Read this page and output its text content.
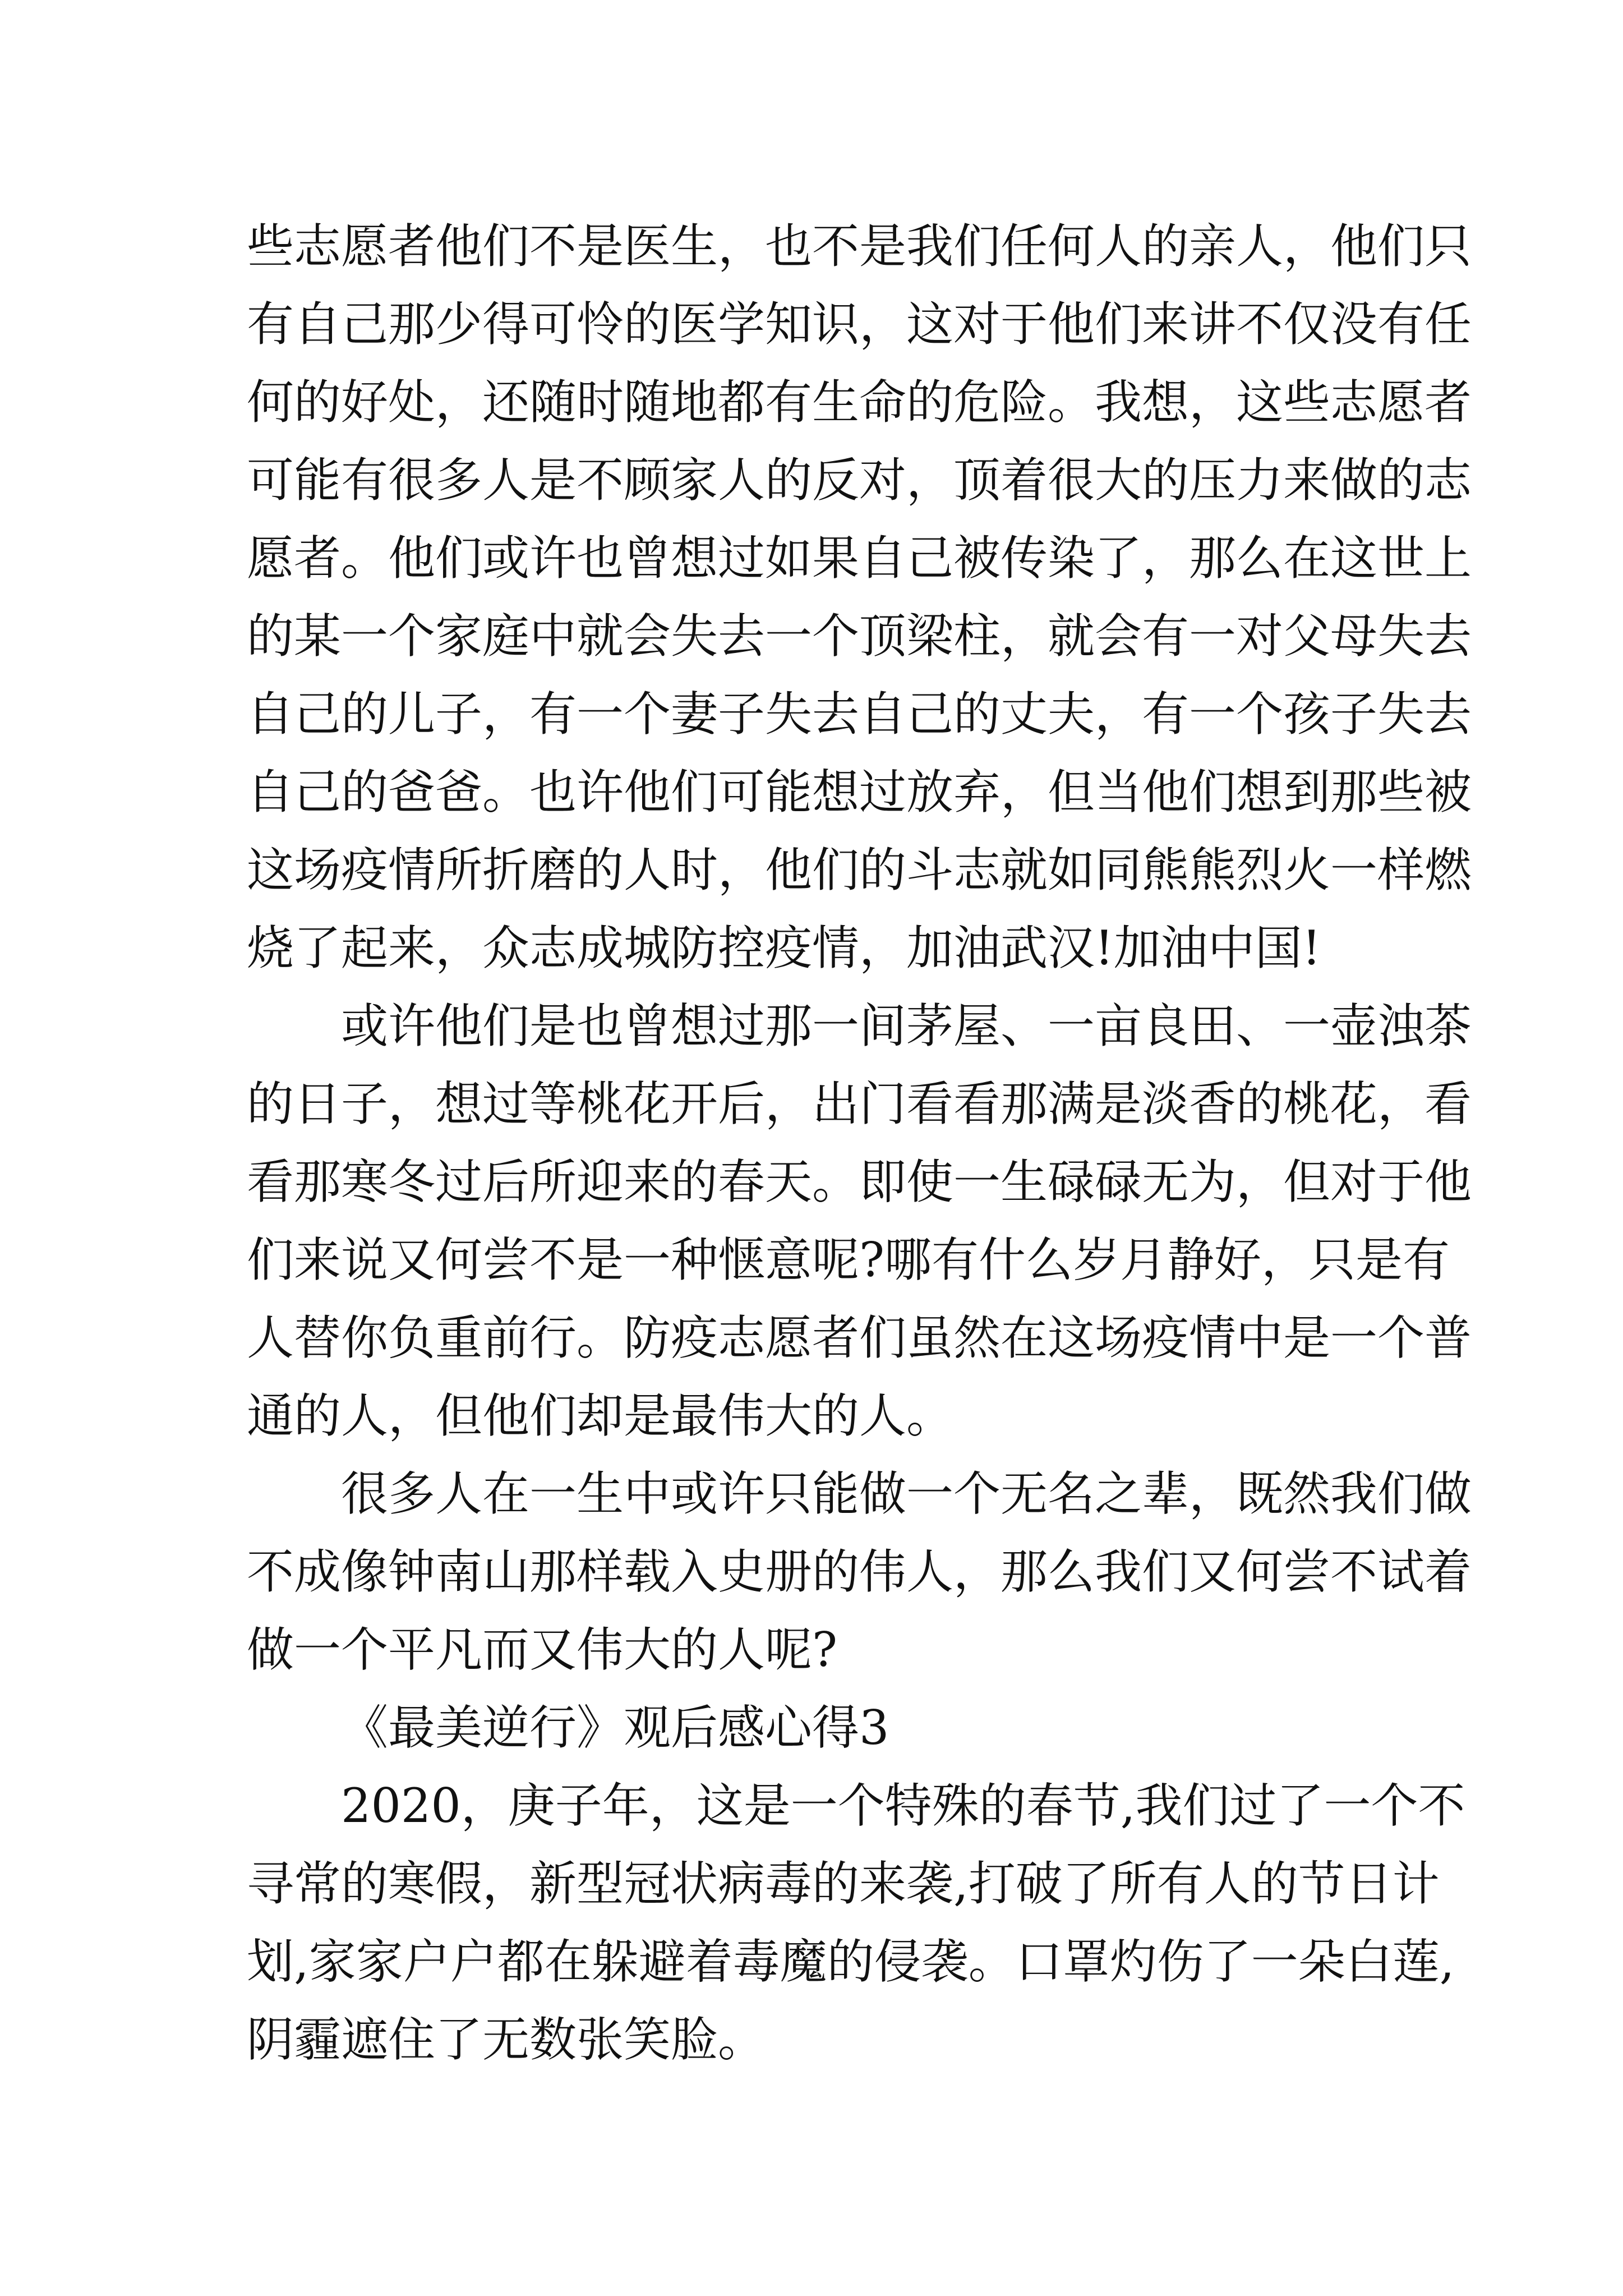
些志愿者他们不是医生，也不是我们任何人的亲人，他们只
有自己那少得可怜的医学知识，这对于他们来讲不仅没有任
何的好处，还随时随地都有生命的危险。我想，这些志愿者
可能有很多人是不顾家人的反对，顶着很大的压力来做的志
愿者。他们或许也曾想过如果自己被传染了，那么在这世上
的某一个家庭中就会失去一个顶梁柱，就会有一对父母失去
自己的儿子，有一个妻子失去自己的丈夫，有一个孩子失去
自己的爸爸。也许他们可能想过放弃，但当他们想到那些被
这场疫情所折磨的人时，他们的斗志就如同熊熊烈火一样燃
烧了起来，众志成城防控疫情，加油武汉!加油中国!
或许他们是也曾想过那一间茅屋、一亩良田、一壶浊茶
的日子，想过等桃花开后，出门看看那满是淡香的桃花，看
看那寒冬过后所迎来的春天。即使一生碌碌无为，但对于他
们来说又何尝不是一种惬意呢?哪有什么岁月静好，只是有
人替你负重前行。防疫志愿者们虽然在这场疫情中是一个普
通的人，但他们却是最伟大的人。
很多人在一生中或许只能做一个无名之辈，既然我们做
不成像钟南山那样载入史册的伟人，那么我们又何尝不试着
做一个平凡而又伟大的人呢?
《最美逆行》观后感心得3
2020，庚子年，这是一个特殊的春节,我们过了一个不
寻常的寒假，新型冠状病毒的来袭,打破了所有人的节日计
划,家家户户都在躲避着毒魔的侵袭。口罩灼伤了一朵白莲,
阴霾遮住了无数张笑脸。
